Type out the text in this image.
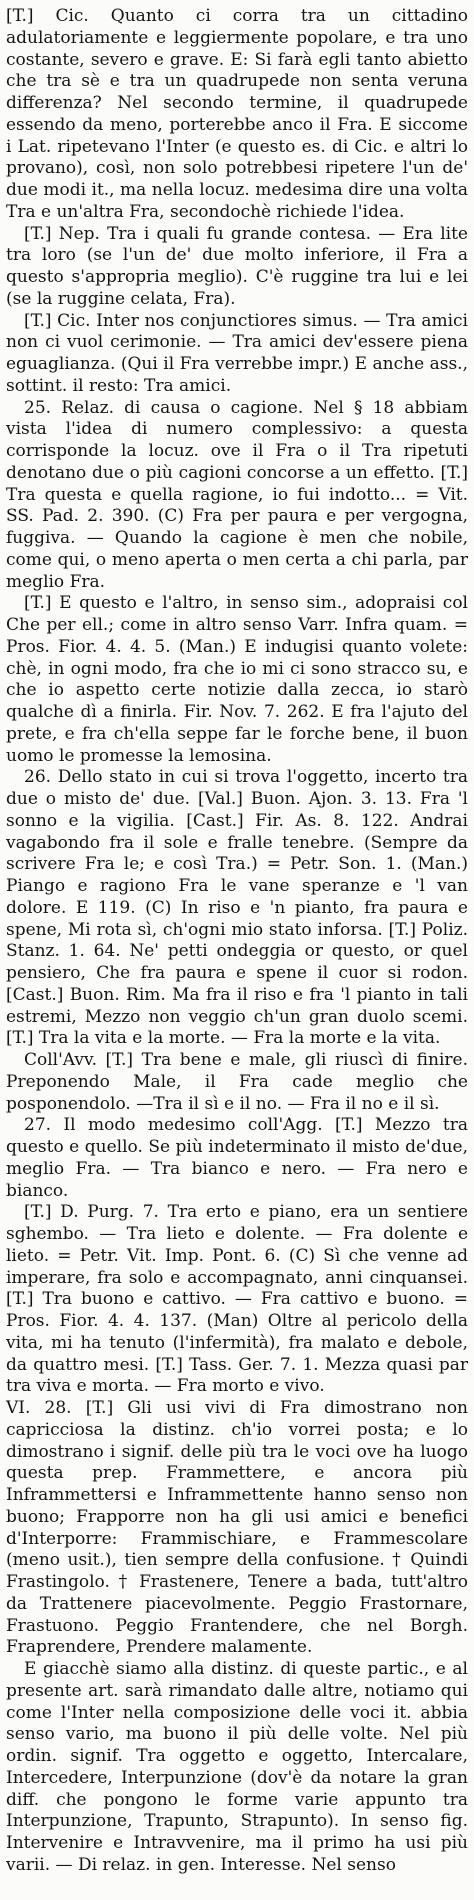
[T.] Cic. Quanto ci corra tra un cittadino adulatoriamente e leggiermente popolare, e tra uno costante, severo e grave. E: Si farà egli tanto abietto che tra sè e tra un quadrupede non senta veruna differenza? Nel secondo termine, il quadrupede essendo da meno, porterebbe anco il Fra. E siccome i Lat. ripetevano l'Inter (e questo es. di Cic. e altri lo provano), così, non solo potrebbesi ripetere l'un de' due modi it., ma nella locuz. medesima dire una volta Tra e un'altra Fra, secondochè richiede l'idea.

[T.] Nep. Tra i quali fu grande contesa. — Era lite tra loro (se l'un de' due molto inferiore, il Fra a questo s'appropria meglio). C'è ruggine tra lui e lei (se la ruggine celata, Fra).

[T.] Cic. Inter nos conjunctiores simus. — Tra amici non ci vuol cerimonie. — Tra amici dev'essere piena eguaglianza. (Qui il Fra verrebbe impr.) E anche ass., sottint. il resto: Tra amici.

25. Relaz. di causa o cagione. Nel § 18 abbiam vista l'idea di numero complessivo: a questa corrisponde la locuz. ove il Fra o il Tra ripetuti denotano due o più cagioni concorse a un effetto. [T.] Tra questa e quella ragione, io fui indotto... = Vit. SS. Pad. 2. 390. (C) Fra per paura e per vergogna, fuggiva. — Quando la cagione è men che nobile, come qui, o meno aperta o men certa a chi parla, par meglio Fra.

[T.] E questo e l'altro, in senso sim., adopraisi col Che per ell.; come in altro senso Varr. Infra quam. = Pros. Fior. 4. 4. 5. (Man.) E indugisi quanto volete: chè, in ogni modo, fra che io mi ci sono stracco su, e che io aspetto certe notizie dalla zecca, io starò qualche dì a finirla. Fir. Nov. 7. 262. E fra l'ajuto del prete, e fra ch'ella seppe far le forche bene, il buon uomo le promesse la lemosina.

26. Dello stato in cui si trova l'oggetto, incerto tra due o misto de' due. [Val.] Buon. Ajon. 3. 13. Fra 'l sonno e la vigilia. [Cast.] Fir. As. 8. 122. Andrai vagabondo fra il sole e fralle tenebre. (Sempre da scrivere Fra le; e così Tra.) = Petr. Son. 1. (Man.) Piango e ragiono Fra le vane speranze e 'l van dolore. E 119. (C) In riso e 'n pianto, fra paura e spene, Mi rota sì, ch'ogni mio stato inforsa. [T.] Poliz. Stanz. 1. 64. Ne' petti ondeggia or questo, or quel pensiero, Che fra paura e spene il cuor si rodon. [Cast.] Buon. Rim. Ma fra il riso e fra 'l pianto in tali estremi, Mezzo non veggio ch'un gran duolo scemi. [T.] Tra la vita e la morte. — Fra la morte e la vita.

Coll'Avv. [T.] Tra bene e male, gli riuscì di finire. Preponendo Male, il Fra cade meglio che posponendolo. —Tra il sì e il no. — Fra il no e il sì.

27. Il modo medesimo coll'Agg. [T.] Mezzo tra questo e quello. Se più indeterminato il misto de'due, meglio Fra. — Tra bianco e nero. — Fra nero e bianco.

[T.] D. Purg. 7. Tra erto e piano, era un sentiere sghembo. — Tra lieto e dolente. — Fra dolente e lieto. = Petr. Vit. Imp. Pont. 6. (C) Sì che venne ad imperare, fra solo e accompagnato, anni cinquansei. [T.] Tra buono e cattivo. — Fra cattivo e buono. = Pros. Fior. 4. 4. 137. (Man) Oltre al pericolo della vita, mi ha tenuto (l'infermità), fra malato e debole, da quattro mesi. [T.] Tass. Ger. 7. 1. Mezza quasi par tra viva e morta. — Fra morto e vivo.

VI. 28. [T.] Gli usi vivi di Fra dimostrano non capricciosa la distinz. ch'io vorrei posta; e lo dimostrano i signif. delle più tra le voci ove ha luogo questa prep. Frammettere, e ancora più Inframmettersi e Inframmettente hanno senso non buono; Frapporre non ha gli usi amici e benefici d'Interporre: Frammischiare, e Frammescolare (meno usit.), tien sempre della confusione. † Quindi Frastingolo. † Frastenere, Tenere a bada, tutt'altro da Trattenere piacevolmente. Peggio Frastornare, Frastuono. Peggio Frantendere, che nel Borgh. Fraprendere, Prendere malamente.

E giacchè siamo alla distinz. di queste partic., e al presente art. sarà rimandato dalle altre, notiamo qui come l'Inter nella composizione delle voci it. abbia senso vario, ma buono il più delle volte. Nel più ordin. signif. Tra oggetto e oggetto, Intercalare, Intercedere, Interpunzione (dov'è da notare la gran diff. che pongono le forme varie appunto tra Interpunzione, Trapunto, Strapunto). In senso fig. Intervenire e Intravvenire, ma il primo ha usi più varii. — Di relaz. in gen. Interesse. Nel senso
